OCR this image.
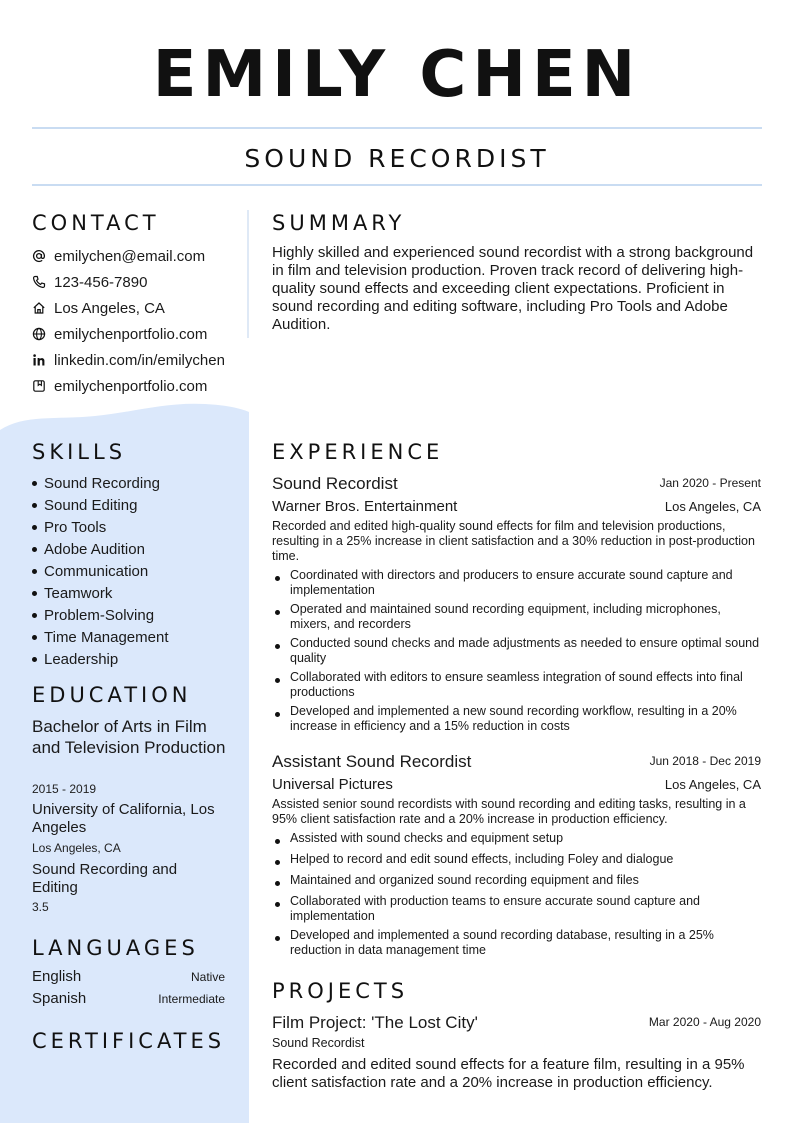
EMILY CHEN
SOUND RECORDIST
CONTACT
emilychen@email.com
123-456-7890
Los Angeles, CA
emilychenportfolio.com
linkedin.com/in/emilychen
emilychenportfolio.com
SKILLS
Sound Recording
Sound Editing
Pro Tools
Adobe Audition
Communication
Teamwork
Problem-Solving
Time Management
Leadership
EDUCATION
Bachelor of Arts in Film and Television Production
2015 - 2019
University of California, Los Angeles
Los Angeles, CA
Sound Recording and Editing
3.5
LANGUAGES
English	Native
Spanish	Intermediate
CERTIFICATES
SUMMARY
Highly skilled and experienced sound recordist with a strong background in film and television production. Proven track record of delivering high-quality sound effects and exceeding client expectations. Proficient in sound recording and editing software, including Pro Tools and Adobe Audition.
EXPERIENCE
Sound Recordist	Jan 2020 - Present
Warner Bros. Entertainment	Los Angeles, CA
Recorded and edited high-quality sound effects for film and television productions, resulting in a 25% increase in client satisfaction and a 30% reduction in post-production time.
Coordinated with directors and producers to ensure accurate sound capture and implementation
Operated and maintained sound recording equipment, including microphones, mixers, and recorders
Conducted sound checks and made adjustments as needed to ensure optimal sound quality
Collaborated with editors to ensure seamless integration of sound effects into final productions
Developed and implemented a new sound recording workflow, resulting in a 20% increase in efficiency and a 15% reduction in costs
Assistant Sound Recordist	Jun 2018 - Dec 2019
Universal Pictures	Los Angeles, CA
Assisted senior sound recordists with sound recording and editing tasks, resulting in a 95% client satisfaction rate and a 20% increase in production efficiency.
Assisted with sound checks and equipment setup
Helped to record and edit sound effects, including Foley and dialogue
Maintained and organized sound recording equipment and files
Collaborated with production teams to ensure accurate sound capture and implementation
Developed and implemented a sound recording database, resulting in a 25% reduction in data management time
PROJECTS
Film Project: 'The Lost City'	Mar 2020 - Aug 2020
Sound Recordist
Recorded and edited sound effects for a feature film, resulting in a 95% client satisfaction rate and a 20% increase in production efficiency.
